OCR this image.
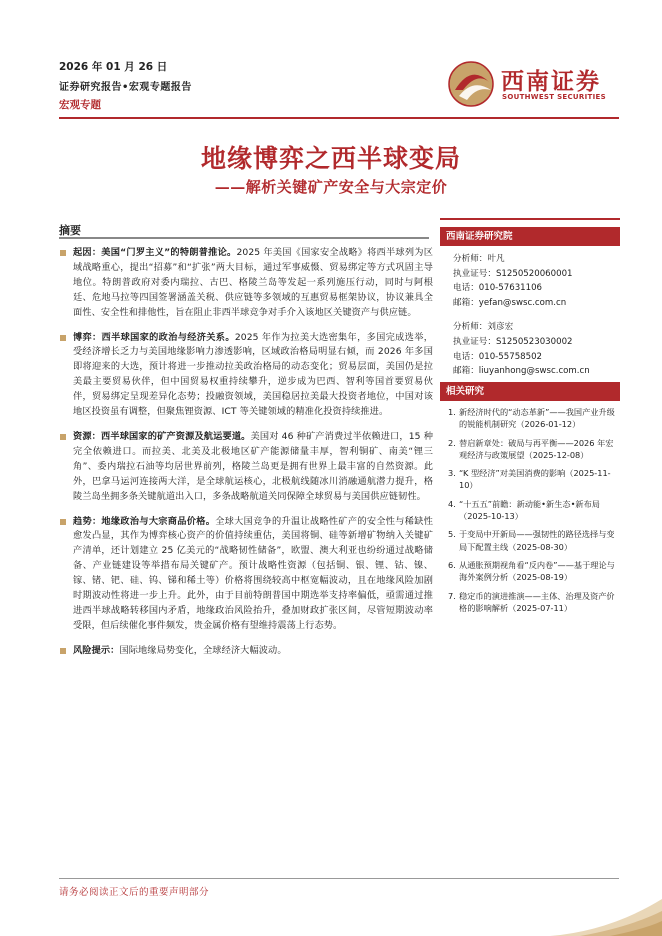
2026 年 01 月 26 日
证券研究报告•宏观专题报告
宏观专题
西南证券
SOUTHWEST SECURITIES
地缘博弈之西半球变局
——解析关键矿产安全与大宗定价
摘要
起因：美国“门罗主义”的特朗普推论。2025 年美国《国家安全战略》将西半球列为区域战略重心，提出“招募”和“扩张”两大目标，通过军事威慑、贸易绑定等方式巩固主导地位。特朗普政府对委内瑞拉、古巴、格陵兰岛等发起一系列施压行动，同时与阿根廷、危地马拉等四国签署涵盖关税、供应链等多领域的互惠贸易框架协议，协议兼具全面性、安全性和排他性，旨在阻止非西半球竞争对手介入该地区关键资产与供应链。
博弈：西半球国家的政治与经济关系。2025 年作为拉美大选密集年，多国完成选举，受经济增长乏力与美国地缘影响力渗透影响，区域政治格局明显右倾，而 2026 年多国即将迎来的大选，预计将进一步推动拉美政治格局的动态变化；贸易层面，美国仍是拉美最主要贸易伙伴，但中国贸易权重持续攀升，逆步成为巴西、智利等国首要贸易伙伴，贸易绑定呈现差异化态势；投融资领域，美国稳居拉美最大投资者地位，中国对该地区投资虽有调整，但聚焦锂资源、ICT 等关键领域的精准化投资持续推进。
资源：西半球国家的矿产资源及航运要道。美国对 46 种矿产消费过半依赖进口，15 种完全依赖进口。而拉美、北美及北极地区矿产能源储量丰厚，智利铜矿、南美“锂三角”、委内瑞拉石油等均居世界前列，格陵兰岛更是拥有世界上最丰富的自然资源。此外，巴拿马运河连接两大洋，是全球航运核心，北极航线随冰川消融通航潜力提升，格陵兰岛坐拥多条关键航道出入口，多条战略航道关同保障全球贸易与美国供应链韧性。
趋势：地缘政治与大宗商品价格。全球大国竞争的升温让战略性矿产的安全性与稀缺性愈发凸显，其作为博弈核心资产的价值持续重估，美国将铜、硅等新增矿物纳入关键矿产清单，还计划建立 25 亿美元的“战略韧性储备”，欧盟、澳大利亚也纷纷通过战略储备、产业链建设等举措布局关键矿产。预计战略性资源（包括铜、银、锂、钴、镍、镓、锗、钯、硅、钨、锑和稀土等）价格将围绕较高中枢宽幅波动，且在地缘风险加剧时期波动性将进一步上升。此外，由于目前特朗普国中期选举支持率偏低，亟需通过推进西半球战略转移国内矛盾，地缘政治风险抬升，叠加财政扩张区间，尽管短期波动率受限，但后续催化事件频发，贵金属价格有望维持震荡上行态势。
风险提示：国际地缘局势变化，全球经济大幅波动。
西南证券研究院
分析师：叶凡
执业证号：S1250520060001
电话：010-57631106
邮箱：yefan@swsc.com.cn
分析师：刘彦宏
执业证号：S1250523030002
电话：010-55758502
邮箱：liuyanhong@swsc.com.cn
相关研究
1. 新经济时代的“动态革新”——我国产业升级的锐能机制研究（2026-01-12）
2. 替启新章处：破局与再平衡——2026 年宏观经济与政策展望（2025-12-08）
3. “K 型经济”对美国消费的影响（2025-11-10）
4. “十五五”前瞻：新动能•新生态•新布局（2025-10-13）
5. 于变局中开新局——强韧性的路径选择与变局下配置主线（2025-08-30）
6. 从通胀预期视角看“反内卷”——基于理论与海外案例分析（2025-08-19）
7. 稳定币的演进推演——主体、治理及资产价格的影响解析（2025-07-11）
请务必阅读正文后的重要声明部分
